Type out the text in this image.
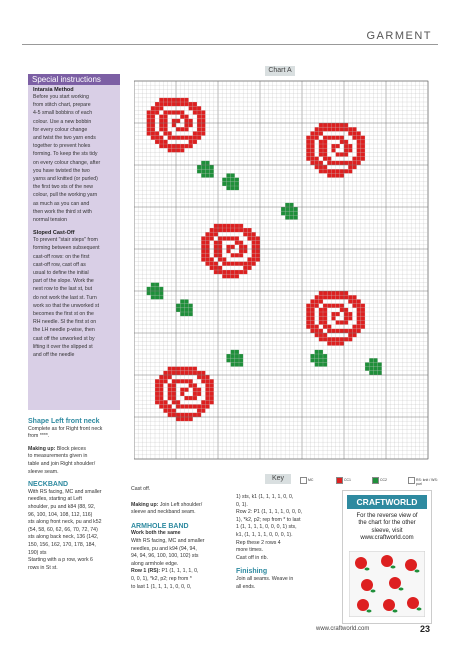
GARMENT
Chart A
Special instructions
Intarsia Method
Before you start working
from stitch chart, prepare
4-5 small bobbins of each
colour. Use a new bobbin
for every colour change
and twist the two yarn ends
together to prevent holes
forming. To keep the sts tidy
on every colour change, after
you have twisted the two
yarns and knitted (or purled)
the first two sts of the new
colour, pull the working yarn
as much as you can and
then work the third st with
normal tension
Sloped Cast-Off
To prevent "stair steps" from
forming between subsequent
cast-off rows: on the first
cast-off row, cast off as
usual to define the initial
part of the slope. Work the
next row to the last st, but
do not work the last st. Turn
work so that the unworked st
becomes the first st on the
RH needle. Sl the first st on
the LH needle p-wise, then
cast off the unworked st by
lifting it over the slipped st
and off the needle
Key	MC	CC1	CC2	RS: knit / WS: purl
Shape Left front neck
Complete as for Right front neck
from ****.
Making up: Block pieces
to measurements given in
table and join Right shoulder/
sleeve seam.
NECKBAND
With RS facing, MC and smaller
needles, starting at Left
shoulder, pu and k84 (88, 92,
96, 100, 104, 108, 112, 116)
sts along front neck, pu and k52
(54, 58, 60, 62, 66, 70, 72, 74)
sts along back neck, 136 (142,
150, 156, 162, 170, 178, 184,
190) sts
Starting with a p row, work 6
rows in St st.
Cast off.
Making up: Join Left shoulder/
sleeve and neckband seam.
ARMHOLE BAND
Work both the same
With RS facing, MC and smaller
needles, pu and k94 (94, 94,
94, 94, 96, 100, 100, 102) sts
along armhole edge.
Row 1 (RS): P1 (1, 1, 1, 1, 0,
0, 0, 1), *k2, p2; rep from *
to last 1 (1, 1, 1, 1, 0, 0, 0,
1) sts, k1 (1, 1, 1, 1, 0, 0,
0, 1).
Row 2: P1 (1, 1, 1, 1, 0, 0, 0,
1), *k2, p2; rep from * to last
1 (1, 1, 1, 1, 0, 0, 0, 1) sts,
k1, (1, 1, 1, 1, 0, 0, 0, 1).
Rep these 2 rows 4
more times.
Cast off in rib.
Finishing
Join all seams. Weave in
all ends.
CRAFTWORLD
For the reverse view of
the chart for the other
sleeve, visit
www.craftworld.com
www.craftworld.com	23
